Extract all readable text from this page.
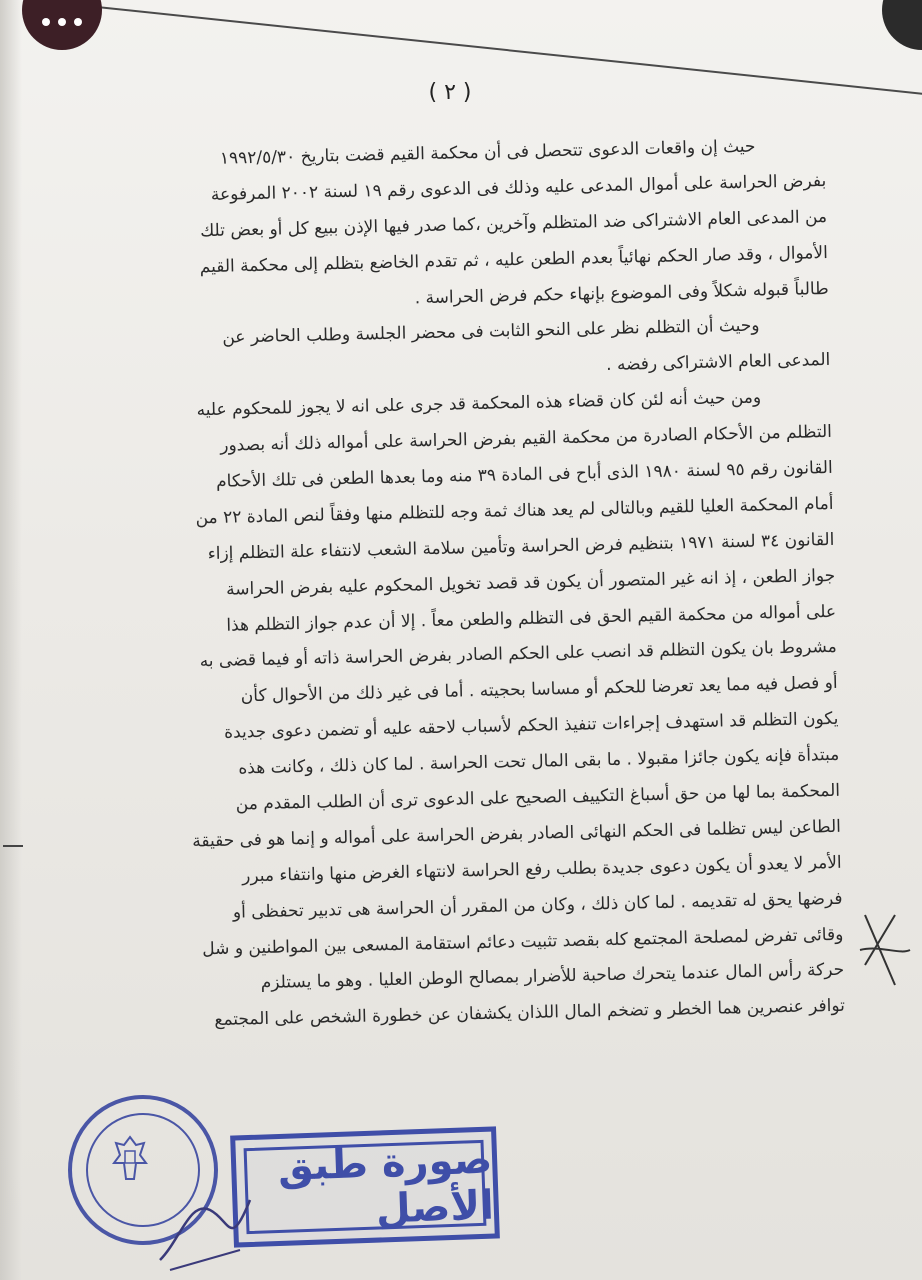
( ٢ )
حيث إن واقعات الدعوى تتحصل فى أن محكمة القيم قضت بتاريخ ١٩٩٢/٥/٣٠
بفرض الحراسة على أموال المدعى عليه وذلك فى الدعوى رقم ١٩ لسنة ٢٠٠٢ المرفوعة
من المدعى العام الاشتراكى ضد المتظلم وآخرين ،كما صدر فيها الإذن ببيع كل أو بعض تلك
الأموال ، وقد صار الحكم نهائياً بعدم الطعن عليه ، ثم تقدم الخاضع بتظلم إلى محكمة القيم
طالباً قبوله شكلاً وفى الموضوع بإنهاء حكم فرض الحراسة .
وحيث أن التظلم نظر على النحو الثابت فى محضر الجلسة وطلب الحاضر عن
المدعى العام الاشتراكى رفضه .
ومن حيث أنه لئن كان قضاء هذه المحكمة قد جرى على انه لا يجوز للمحكوم عليه
التظلم من الأحكام الصادرة من محكمة القيم بفرض الحراسة على أمواله ذلك أنه بصدور
القانون رقم ٩٥ لسنة ١٩٨٠ الذى أباح فى المادة ٣٩ منه وما بعدها الطعن فى تلك الأحكام
أمام المحكمة العليا للقيم وبالتالى لم يعد هناك ثمة وجه للتظلم منها وفقاً لنص المادة ٢٢ من
القانون ٣٤ لسنة ١٩٧١ بتنظيم فرض الحراسة وتأمين سلامة الشعب لانتفاء علة التظلم إزاء
جواز الطعن ، إذ انه غير المتصور أن يكون قد قصد تخويل المحكوم عليه بفرض الحراسة
على أمواله من محكمة القيم الحق فى التظلم والطعن معاً . إلا أن عدم جواز التظلم هذا
مشروط بان يكون التظلم قد انصب على الحكم الصادر بفرض الحراسة ذاته أو فيما قضى به
أو فصل فيه مما يعد تعرضا للحكم أو مساسا بحجيته . أما فى غير ذلك من الأحوال كأن
يكون التظلم قد استهدف إجراءات تنفيذ الحكم لأسباب لاحقه عليه أو تضمن دعوى جديدة
مبتدأة فإنه يكون جائزا مقبولا . ما بقى المال تحت الحراسة . لما كان ذلك ، وكانت هذه
المحكمة بما لها من حق أسباغ التكييف الصحيح على الدعوى ترى أن الطلب المقدم من
الطاعن ليس تظلما فى الحكم النهائى الصادر بفرض الحراسة على أمواله و إنما هو فى حقيقة
الأمر لا يعدو أن يكون دعوى جديدة بطلب رفع الحراسة لانتهاء الغرض منها وانتفاء مبرر
فرضها يحق له تقديمه . لما كان ذلك ، وكان من المقرر أن الحراسة هى تدبير تحفظى أو
وقائى تفرض لمصلحة المجتمع كله بقصد تثبيت دعائم استقامة المسعى بين المواطنين و شل
حركة رأس المال عندما يتحرك صاحبة للأضرار بمصالح الوطن العليا . وهو ما يستلزم
توافر عنصرين هما الخطر و تضخم المال اللذان يكشفان عن خطورة الشخص على المجتمع
صورة طبق الأصل
